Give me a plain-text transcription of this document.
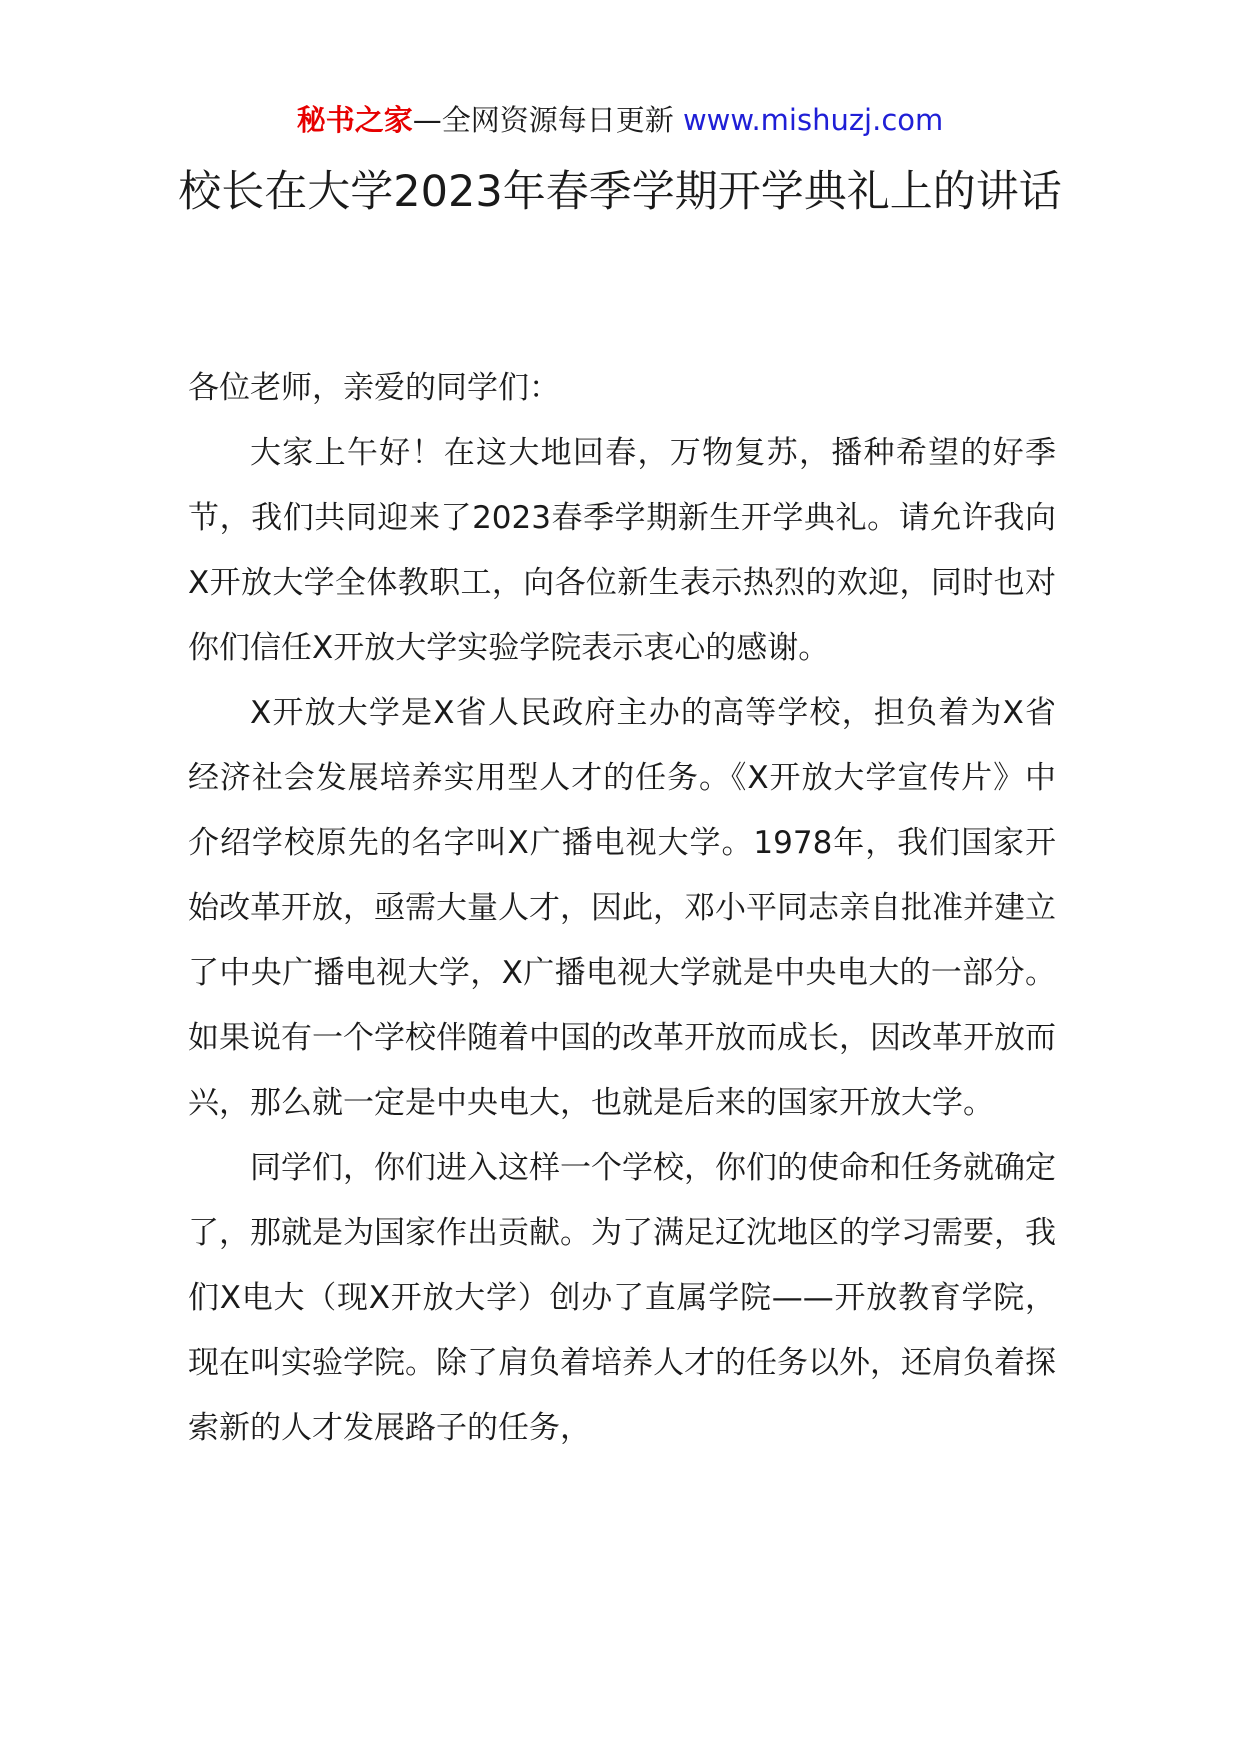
秘书之家—全网资源每日更新 www.mishuzj.com
校长在大学2023年春季学期开学典礼上的讲话

各位老师，亲爱的同学们：

大家上午好！在这大地回春，万物复苏，播种希望的好季节，我们共同迎来了2023春季学期新生开学典礼。请允许我向X开放大学全体教职工，向各位新生表示热烈的欢迎，同时也对你们信任X开放大学实验学院表示衷心的感谢。

X开放大学是X省人民政府主办的高等学校，担负着为X省经济社会发展培养实用型人才的任务。《X开放大学宣传片》中介绍学校原先的名字叫X广播电视大学。1978年，我们国家开始改革开放，亟需大量人才，因此，邓小平同志亲自批准并建立了中央广播电视大学，X广播电视大学就是中央电大的一部分。如果说有一个学校伴随着中国的改革开放而成长，因改革开放而兴，那么就一定是中央电大，也就是后来的国家开放大学。

同学们，你们进入这样一个学校，你们的使命和任务就确定了，那就是为国家作出贡献。为了满足辽沈地区的学习需要，我们X电大（现X开放大学）创办了直属学院——开放教育学院，现在叫实验学院。除了肩负着培养人才的任务以外，还肩负着探索新的人才发展路子的任务，
